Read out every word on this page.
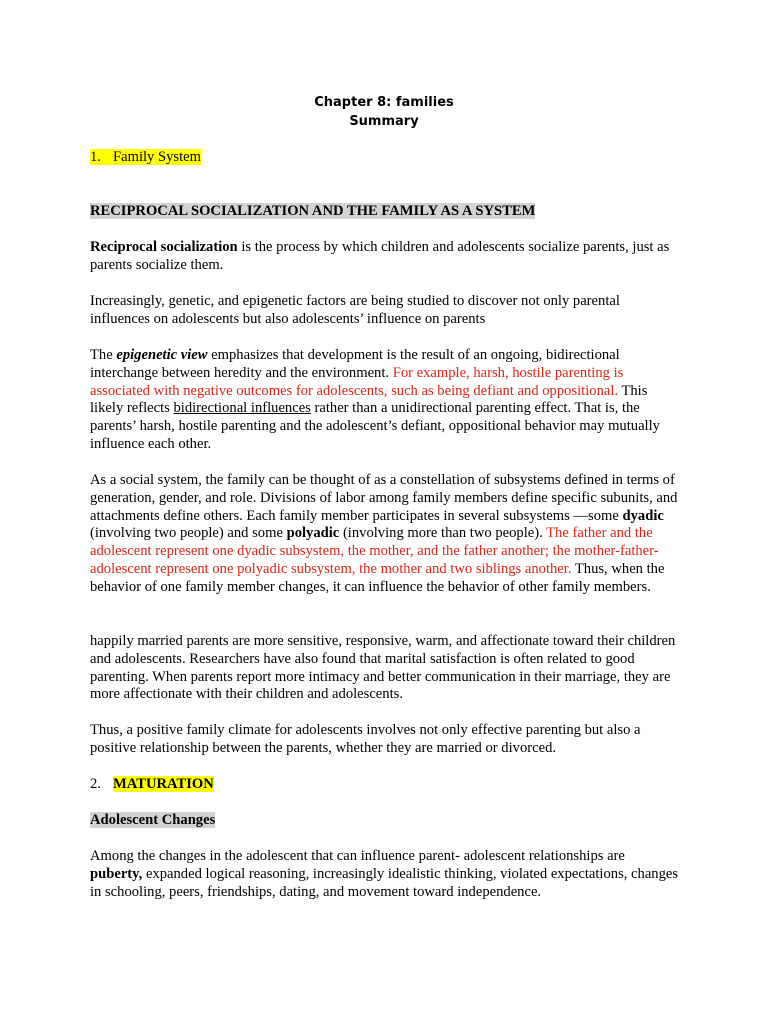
Chapter 8: families
Summary

1. Family System

RECIPROCAL SOCIALIZATION AND THE FAMILY AS A SYSTEM

Reciprocal socialization is the process by which children and adolescents socialize parents, just as parents socialize them.

Increasingly, genetic, and epigenetic factors are being studied to discover not only parental influences on adolescents but also adolescents’ influence on parents

The epigenetic view emphasizes that development is the result of an ongoing, bidirectional interchange between heredity and the environment. For example, harsh, hostile parenting is associated with negative outcomes for adolescents, such as being defiant and oppositional. This likely reflects bidirectional influences rather than a unidirectional parenting effect. That is, the parents’ harsh, hostile parenting and the adolescent’s defiant, oppositional behavior may mutually influence each other.

As a social system, the family can be thought of as a constellation of subsystems defined in terms of generation, gender, and role. Divisions of labor among family members define specific subunits, and attachments define others. Each family member participates in several subsystems —some dyadic (involving two people) and some polyadic (involving more than two people). The father and the adolescent represent one dyadic subsystem, the mother, and the father another; the mother-father-adolescent represent one polyadic subsystem, the mother and two siblings another. Thus, when the behavior of one family member changes, it can influence the behavior of other family members.

happily married parents are more sensitive, responsive, warm, and affectionate toward their children and adolescents. Researchers have also found that marital satisfaction is often related to good parenting. When parents report more intimacy and better communication in their marriage, they are more affectionate with their children and adolescents.

Thus, a positive family climate for adolescents involves not only effective parenting but also a positive relationship between the parents, whether they are married or divorced.

2. MATURATION

Adolescent Changes

Among the changes in the adolescent that can influence parent- adolescent relationships are puberty, expanded logical reasoning, increasingly idealistic thinking, violated expectations, changes in schooling, peers, friendships, dating, and movement toward independence.
